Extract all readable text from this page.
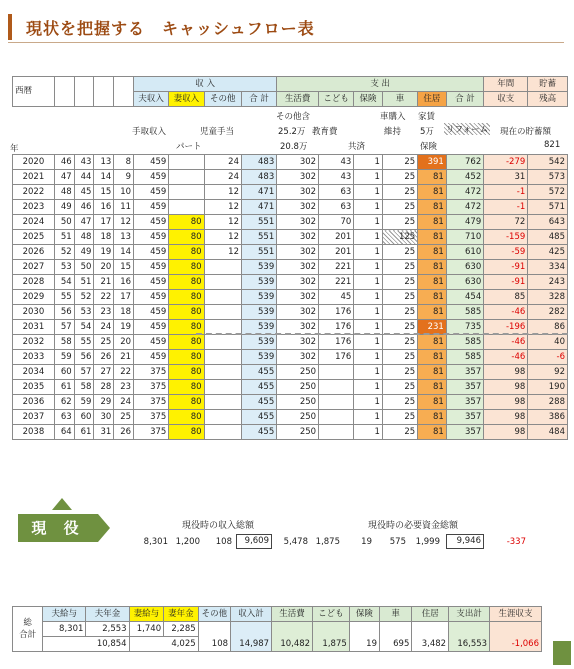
現状を把握する　キャッシュフロー表
西暦					収 入				支 出						年間	貯蓄
					夫収入	妻収入	その他	合 計	生活費	こども	保険	車	住居	合 計	収支	残高
その他含	車購入 家賃
手取収入	児童手当	25.2万 教育費	維持 5万 リフォーム 現在の貯蓄額
年	パート	20.8万	共済	保険	821
2020	46	43	13	8	459		24	483	302	43	1	25	391	762	-279	542
2021	47	44	14	9	459		24	483	302	43	1	25	81	452	31	573
2022	48	45	15	10	459		12	471	302	63	1	25	81	472	-1	572
2023	49	46	16	11	459		12	471	302	63	1	25	81	472	-1	571
2024	50	47	17	12	459	80	12	551	302	70	1	25	81	479	72	643
2025	51	48	18	13	459	80	12	551	302	201	1	125	81	710	-159	485
2026	52	49	19	14	459	80	12	551	302	201	1	25	81	610	-59	425
2027	53	50	20	15	459	80		539	302	221	1	25	81	630	-91	334
2028	54	51	21	16	459	80		539	302	221	1	25	81	630	-91	243
2029	55	52	22	17	459	80		539	302	45	1	25	81	454	85	328
2030	56	53	23	18	459	80		539	302	176	1	25	81	585	-46	282
2031	57	54	24	19	459	80		539	302	176	1	25	231	735	-196	86
2032	58	55	25	20	459	80		539	302	176	1	25	81	585	-46	40
2033	59	56	26	21	459	80		539	302	176	1	25	81	585	-46	-6
2034	60	57	27	22	375	80		455	250		1	25	81	357	98	92
2035	61	58	28	23	375	80		455	250		1	25	81	357	98	190
2036	62	59	29	24	375	80		455	250		1	25	81	357	98	288
2037	63	60	30	25	375	80		455	250		1	25	81	357	98	386
2038	64	61	31	26	375	80		455	250		1	25	81	357	98	484
現 役	現役時の収入総額	現役時の必要資金総額
8,301 1,200	108	9,609	5,478 1,875	19	575	1,999	9,946	-337
総
合計	夫給与	夫年金	妻給与	妻年金	その他	収入計	生活費	こども	保険	車	住居	支出計	生涯収支
	8,301	2,553	1,740	2,285	108	14,987	10,482	1,875	19	695	3,482	16,553	-1,066
	10,854		4,025										
